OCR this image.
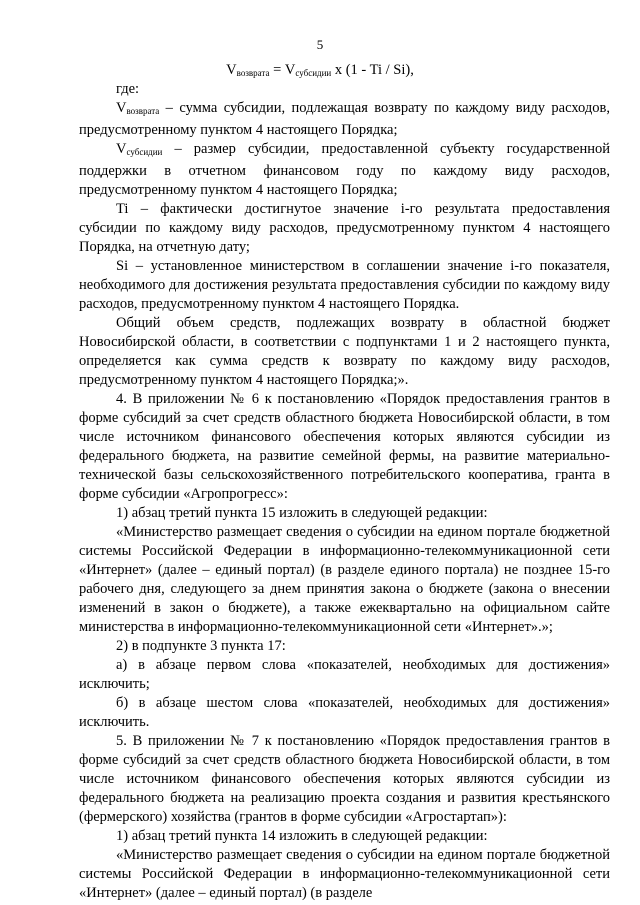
5
$V_{возврата} = V_{субсидии}$ x (1 - Ti / Si),

где:

$V_{возврата}$ – сумма субсидии, подлежащая возврату по каждому виду расходов, предусмотренному пунктом 4 настоящего Порядка;

$V_{субсидии}$ – размер субсидии, предоставленной субъекту государственной поддержки в отчетном финансовом году по каждому виду расходов, предусмотренному пунктом 4 настоящего Порядка;

Ti – фактически достигнутое значение i-го результата предоставления субсидии по каждому виду расходов, предусмотренному пунктом 4 настоящего Порядка, на отчетную дату;

Si – установленное министерством в соглашении значение i-го показателя, необходимого для достижения результата предоставления субсидии по каждому виду расходов, предусмотренному пунктом 4 настоящего Порядка.

Общий объем средств, подлежащих возврату в областной бюджет Новосибирской области, в соответствии с подпунктами 1 и 2 настоящего пункта, определяется как сумма средств к возврату по каждому виду расходов, предусмотренному пунктом 4 настоящего Порядка;».

4. В приложении № 6 к постановлению «Порядок предоставления грантов в форме субсидий за счет средств областного бюджета Новосибирской области, в том числе источником финансового обеспечения которых являются субсидии из федерального бюджета, на развитие семейной фермы, на развитие материально-технической базы сельскохозяйственного потребительского кооператива, гранта в форме субсидии «Агропрогресс»:

1) абзац третий пункта 15 изложить в следующей редакции:

«Министерство размещает сведения о субсидии на едином портале бюджетной системы Российской Федерации в информационно-телекоммуникационной сети «Интернет» (далее – единый портал) (в разделе единого портала) не позднее 15-го рабочего дня, следующего за днем принятия закона о бюджете (закона о внесении изменений в закон о бюджете), а также ежеквартально на официальном сайте министерства в информационно-телекоммуникационной сети «Интернет».»;

2) в подпункте 3 пункта 17:

а) в абзаце первом слова «показателей, необходимых для достижения» исключить;

б) в абзаце шестом слова «показателей, необходимых для достижения» исключить.

5. В приложении № 7 к постановлению «Порядок предоставления грантов в форме субсидий за счет средств областного бюджета Новосибирской области, в том числе источником финансового обеспечения которых являются субсидии из федерального бюджета на реализацию проекта создания и развития крестьянского (фермерского) хозяйства (грантов в форме субсидии «Агростартап»):

1) абзац третий пункта 14 изложить в следующей редакции:

«Министерство размещает сведения о субсидии на едином портале бюджетной системы Российской Федерации в информационно-телекоммуникационной сети «Интернет» (далее – единый портал) (в разделе
